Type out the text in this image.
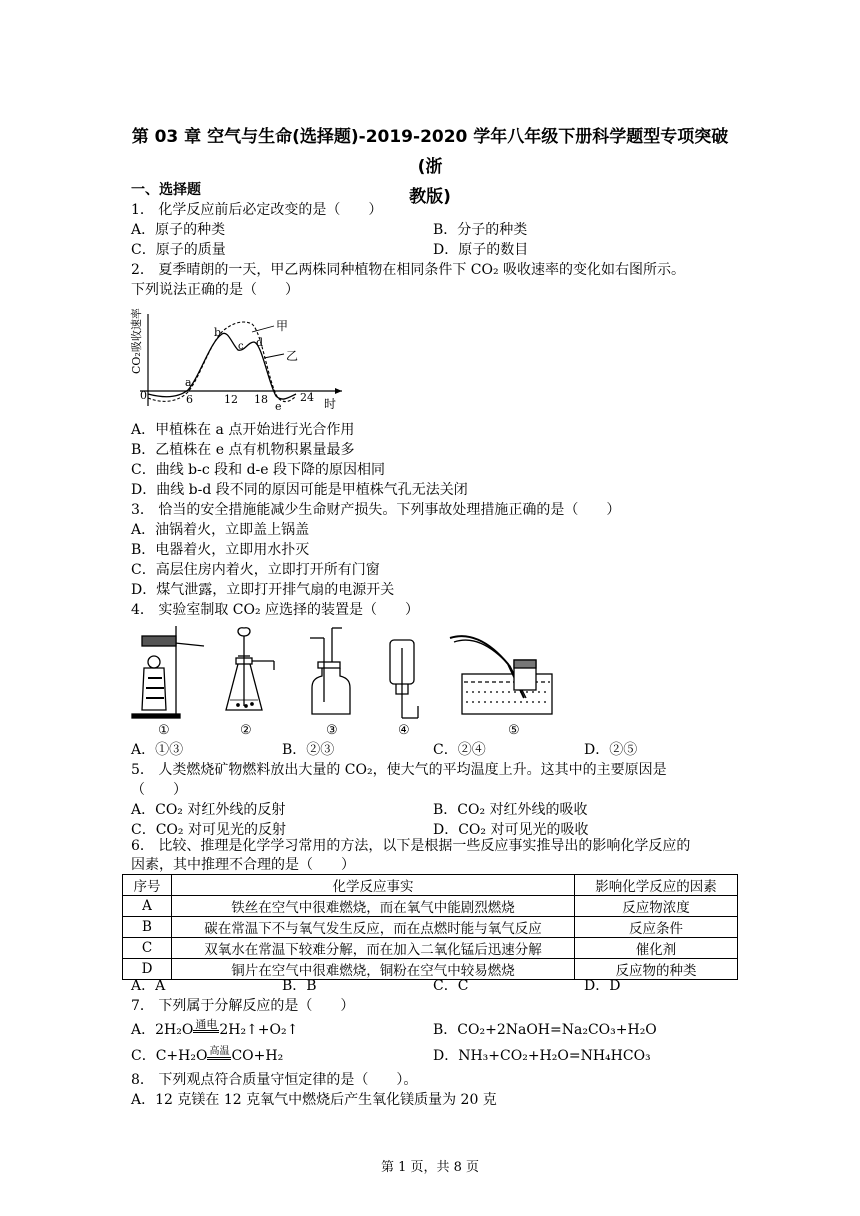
第 03 章 空气与生命(选择题)-2019-2020 学年八年级下册科学题型专项突破(浙
教版)
一、选择题
1． 化学反应前后必定改变的是（　　）
A．原子的种类	B．分子的种类
C．原子的质量	D．原子的数目
2． 夏季晴朗的一天，甲乙两株同种植物在相同条件下 CO₂ 吸收速率的变化如右图所示。
下列说法正确的是（　　）
CO₂吸收速率
时
0	6	12 18	24
a
b
c d
e
甲
乙
A．甲植株在 a 点开始进行光合作用
B．乙植株在 e 点有机物积累量最多
C．曲线 b-c 段和 d-e 段下降的原因相同
D．曲线 b-d 段不同的原因可能是甲植株气孔无法关闭
3． 恰当的安全措施能减少生命财产损失。下列事故处理措施正确的是（　　）
A．油锅着火，立即盖上锅盖
B．电器着火，立即用水扑灭
C．高层住房内着火，立即打开所有门窗
D．煤气泄露，立即打开排气扇的电源开关
4． 实验室制取 CO₂ 应选择的装置是（　　）
①	②	③	④	⑤
A．①③	B．②③	C．②④	D．②⑤
5． 人类燃烧矿物燃料放出大量的 CO₂，使大气的平均温度上升。这其中的主要原因是
（　　）
A．CO₂ 对红外线的反射	B．CO₂ 对红外线的吸收
C．CO₂ 对可见光的反射	D．CO₂ 对可见光的吸收
6． 比较、推理是化学学习常用的方法，以下是根据一些反应事实推导出的影响化学反应的
因素，其中推理不合理的是（　　）
序号	化学反应事实	影响化学反应的因素
A	铁丝在空气中很难燃烧，而在氧气中能剧烈燃烧	反应物浓度
B	碳在常温下不与氧气发生反应，而在点燃时能与氧气反应	反应条件
C	双氧水在常温下较难分解，而在加入二氧化锰后迅速分解	催化剂
D	铜片在空气中很难燃烧，铜粉在空气中较易燃烧	反应物的种类
A．A	B．B	C．C	D．D
7． 下列属于分解反应的是（　　）
A．2H₂O 通电 2H₂↑+O₂↑	B．CO₂+2NaOH=Na₂CO₃+H₂O
C．C+H₂O 高温 CO+H₂	D．NH₃+CO₂+H₂O=NH₄HCO₃
8． 下列观点符合质量守恒定律的是（　　）。
A．12 克镁在 12 克氧气中燃烧后产生氧化镁质量为 20 克
第 1 页，共 8 页
